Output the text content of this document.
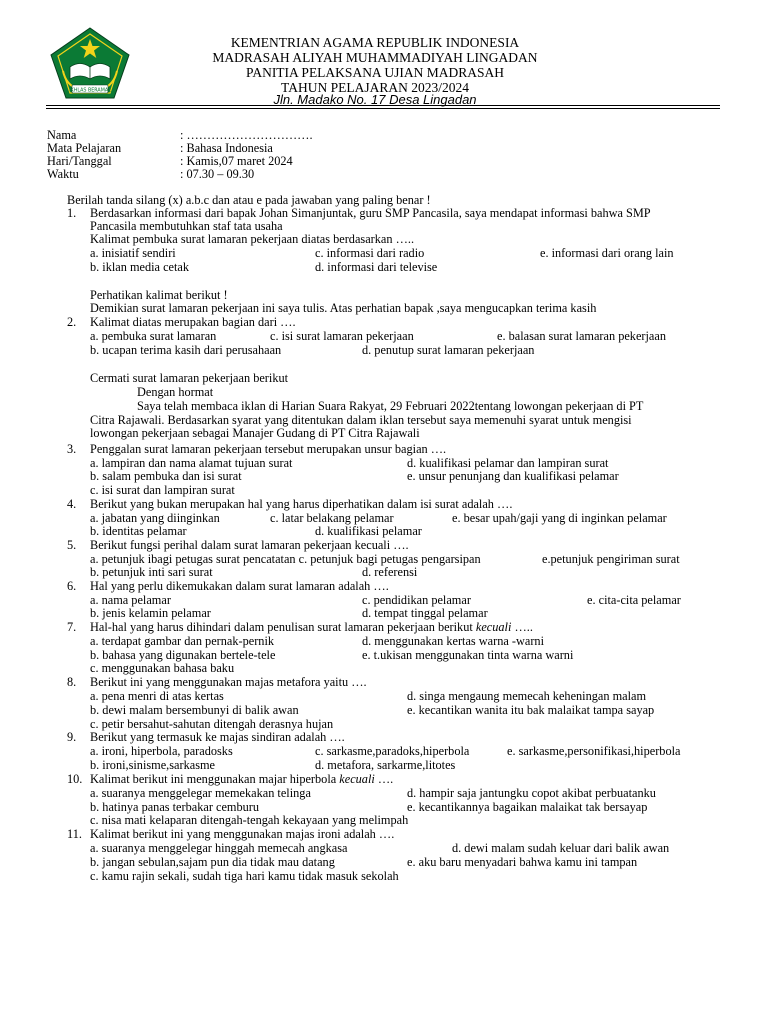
IKHLAS BERAMAL
KEMENTRIAN AGAMA REPUBLIK INDONESIA
MADRASAH ALIYAH MUHAMMADIYAH LINGADAN
PANITIA PELAKSANA UJIAN MADRASAH
TAHUN PELAJARAN 2023/2024
Jln. Madako No. 17 Desa Lingadan
Nama	: ………………………….
Mata Pelajaran	: Bahasa Indonesia
Hari/Tanggal	: Kamis,07 maret 2024
Waktu	: 07.30 – 09.30
Berilah tanda silang (x) a.b.c dan atau e pada jawaban yang paling benar !
1. Berdasarkan informasi dari bapak Johan Simanjuntak, guru SMP Pancasila, saya mendapat informasi bahwa SMP
Pancasila membutuhkan staf tata usaha
Kalimat pembuka surat lamaran pekerjaan diatas berdasarkan …..
a. inisiatif sendiri	c. informasi dari radio	e. informasi dari orang lain
b. iklan media cetak	d. informasi dari televise
Perhatikan kalimat berikut !
Demikian surat lamaran pekerjaan ini saya tulis. Atas perhatian bapak ,saya mengucapkan terima kasih
2. Kalimat diatas merupakan bagian dari ….
a. pembuka surat lamaran	c. isi surat lamaran pekerjaan	e. balasan surat lamaran pekerjaan
b. ucapan terima kasih dari perusahaan	d. penutup surat lamaran pekerjaan
Cermati surat lamaran pekerjaan berikut
Dengan hormat
Saya telah membaca iklan di Harian Suara Rakyat, 29 Februari 2022tentang lowongan pekerjaan di PT
Citra Rajawali. Berdasarkan syarat yang ditentukan dalam iklan tersebut saya memenuhi syarat untuk mengisi
lowongan pekerjaan sebagai Manajer Gudang di PT Citra Rajawali
3. Penggalan surat lamaran pekerjaan tersebut merupakan unsur bagian ….
a. lampiran dan nama alamat tujuan surat	d. kualifikasi pelamar dan lampiran surat
b. salam pembuka dan isi surat	e. unsur penunjang dan kualifikasi pelamar
c. isi surat dan lampiran surat
4. Berikut yang bukan merupakan hal yang harus diperhatikan dalam isi surat adalah ….
a. jabatan yang diinginkan	c. latar belakang pelamar	e. besar upah/gaji yang di inginkan pelamar
b. identitas pelamar	d. kualifikasi pelamar
5. Berikut fungsi perihal dalam surat lamaran pekerjaan kecuali ….
a. petunjuk ibagi petugas surat pencatatan c. petunjuk bagi petugas pengarsipan	e.petunjuk pengiriman surat
b. petunjuk inti sari surat	d. referensi
6. Hal yang perlu dikemukakan dalam surat lamaran adalah ….
a. nama pelamar	c. pendidikan pelamar	e. cita-cita pelamar
b. jenis kelamin pelamar	d. tempat tinggal pelamar
7. Hal-hal yang harus dihindari dalam penulisan surat lamaran pekerjaan berikut kecuali …..
a. terdapat gambar dan pernak-pernik	d. menggunakan kertas warna -warni
b. bahasa yang digunakan bertele-tele	e. t.ukisan menggunakan tinta warna warni
c. menggunakan bahasa baku
8. Berikut ini yang menggunakan majas metafora yaitu ….
a. pena menri di atas kertas	d. singa mengaung memecah keheningan malam
b. dewi malam bersembunyi di balik awan	e. kecantikan wanita itu bak malaikat tampa sayap
c. petir bersahut-sahutan ditengah derasnya hujan
9. Berikut yang termasuk ke majas sindiran adalah ….
a. ironi, hiperbola, paradosks	c. sarkasme,paradoks,hiperbola	e. sarkasme,personifikasi,hiperbola
b. ironi,sinisme,sarkasme	d. metafora, sarkarme,litotes
10. Kalimat berikut ini menggunakan majar hiperbola kecuali ….
a. suaranya menggelegar memekakan telinga	d. hampir saja jantungku copot akibat perbuatanku
b. hatinya panas terbakar cemburu	e. kecantikannya bagaikan malaikat tak bersayap
c. nisa mati kelaparan ditengah-tengah kekayaan yang melimpah
11. Kalimat berikut ini yang menggunakan majas ironi adalah ….
a. suaranya menggelegar hinggah memecah angkasa	d. dewi malam sudah keluar dari balik awan
b. jangan sebulan,sajam pun dia tidak mau datang	e. aku baru menyadari bahwa kamu ini tampan
c. kamu rajin sekali, sudah tiga hari kamu tidak masuk sekolah
